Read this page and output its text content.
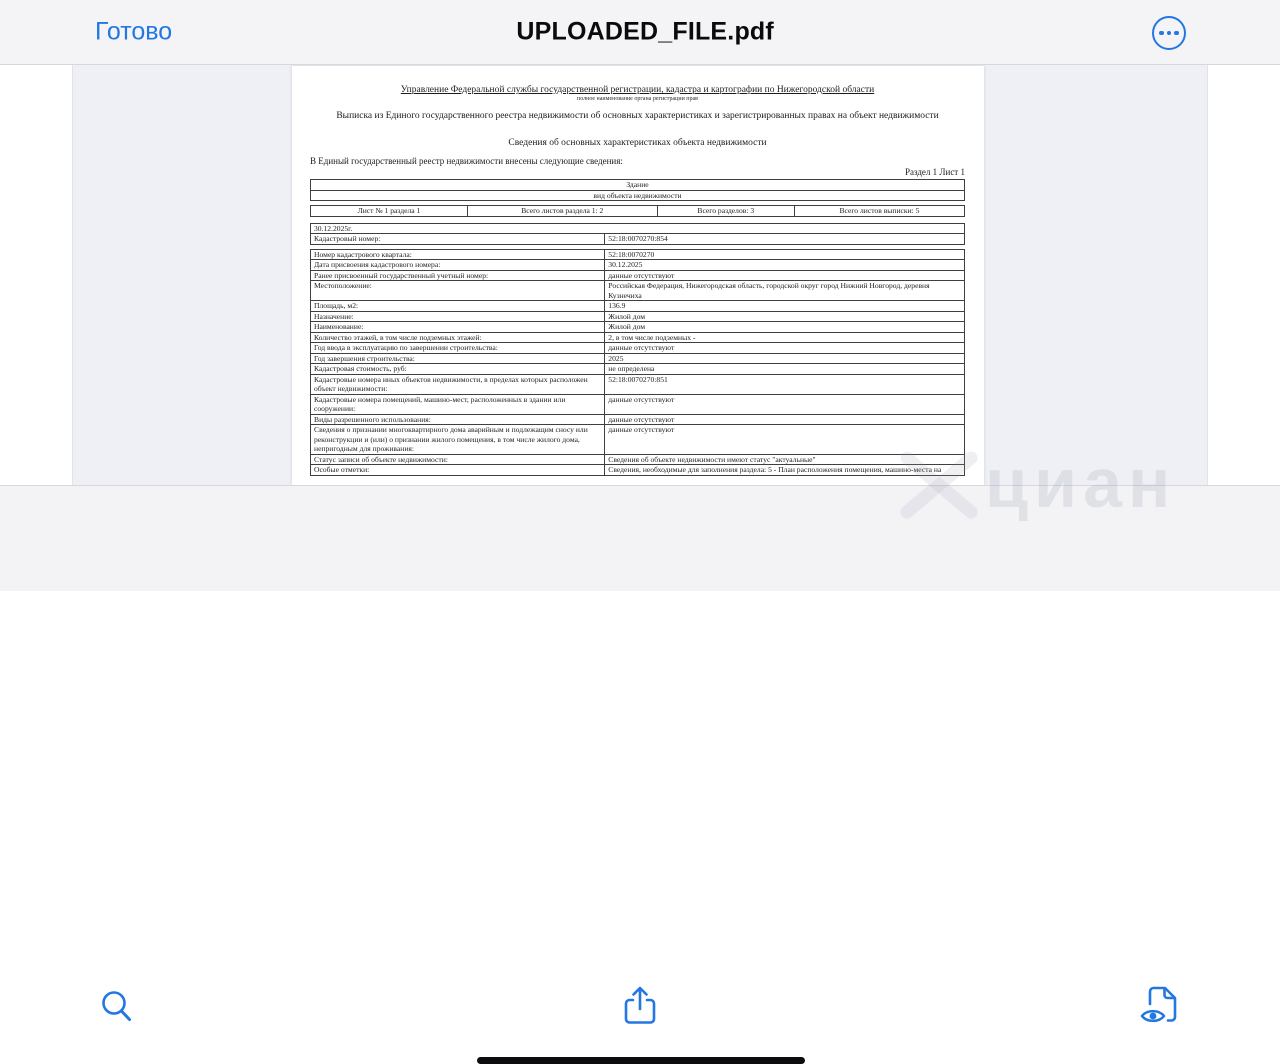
Управление Федеральной службы государственной регистрации, кадастра и картографии по Нижегородской области
полное наименование органа регистрации прав
Выписка из Единого государственного реестра недвижимости об основных характеристиках и зарегистрированных правах на объект недвижимости
Сведения об основных характеристиках объекта недвижимости
В Единый государственный реестр недвижимости внесены следующие сведения:
Раздел 1 Лист 1
Здание
вид объекта недвижимости
Лист № 1 раздела 1	Всего листов раздела 1: 2	Всего разделов: 3	Всего листов выписки: 5
30.12.2025г.
Кадастровый номер:	52:18:0070270:854
Номер кадастрового квартала:	52:18:0070270
Дата присвоения кадастрового номера:	30.12.2025
Ранее присвоенный государственный учетный номер:	данные отсутствуют
Местоположение:	Российская Федерация, Нижегородская область, городской округ город Нижний Новгород, деревня Кузнечиха
Площадь, м2:	136.9
Назначение:	Жилой дом
Наименование:	Жилой дом
Количество этажей, в том числе подземных этажей:	2, в том числе подземных -
Год ввода в эксплуатацию по завершении строительства:	данные отсутствуют
Год завершения строительства:	2025
Кадастровая стоимость, руб:	не определена
Кадастровые номера иных объектов недвижимости, в пределах которых расположен объект недвижимости:	52:18:0070270:851
Кадастровые номера помещений, машино-мест, расположенных в здании или сооружении:	данные отсутствуют
Виды разрешенного использования:	данные отсутствуют
Сведения о признании многоквартирного дома аварийным и подлежащим сносу или реконструкции и (или) о признании жилого помещения, в том числе жилого дома, непригодным для проживания:	данные отсутствуют
Статус записи об объекте недвижимости:	Сведения об объекте недвижимости имеют статус "актуальные"
Особые отметки:	Сведения, необходимые для заполнения раздела: 5 - План расположения помещения, машино-места на циан
Готово	UPLOADED_FILE.pdf
